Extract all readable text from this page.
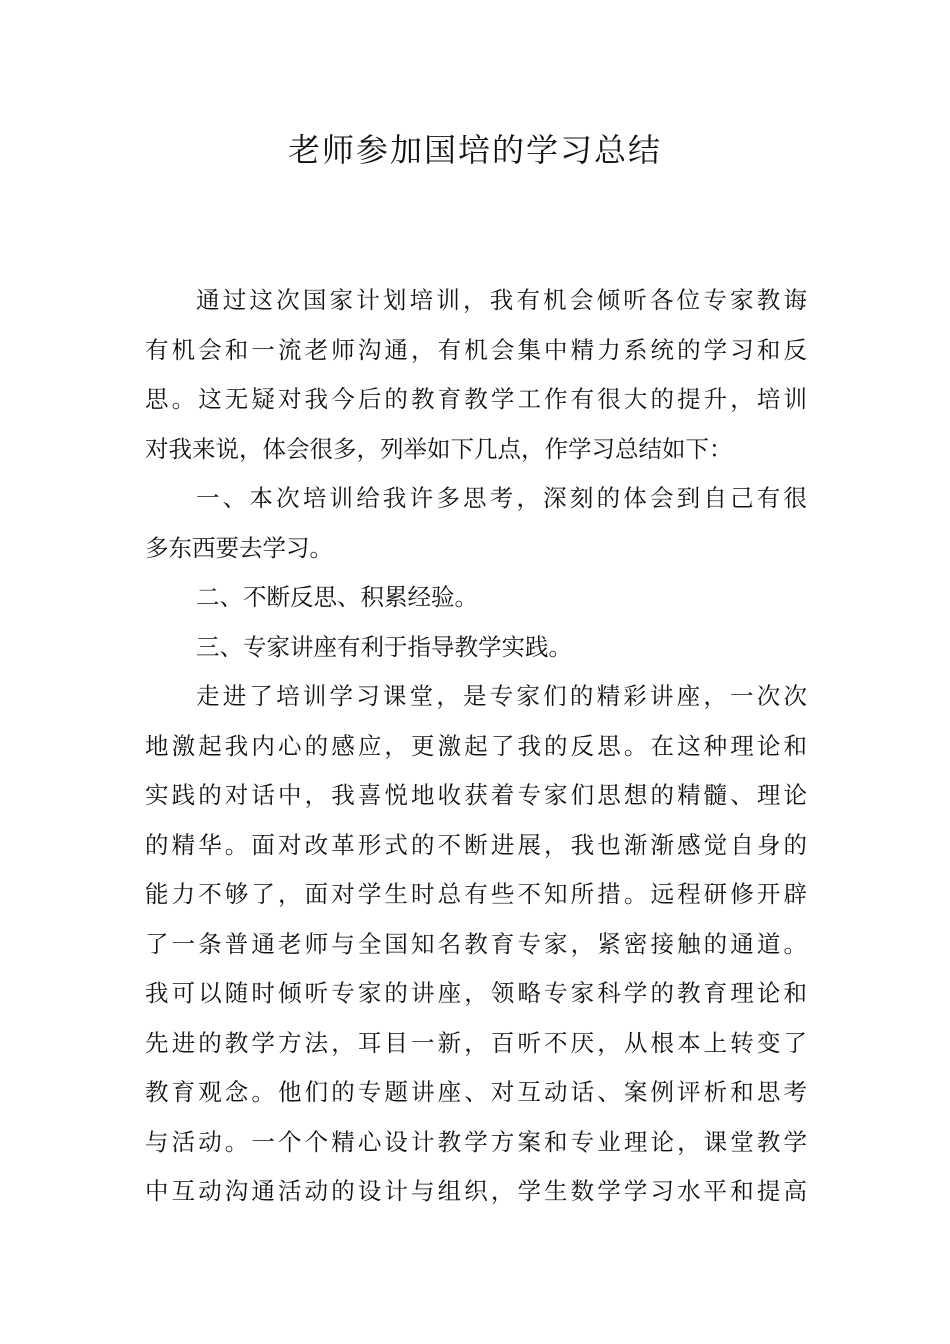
老师参加国培的学习总结
通过这次国家计划培训，我有机会倾听各位专家教诲
有机会和一流老师沟通，有机会集中精力系统的学习和反
思。这无疑对我今后的教育教学工作有很大的提升，培训
对我来说，体会很多，列举如下几点，作学习总结如下：
一、本次培训给我许多思考，深刻的体会到自己有很
多东西要去学习。
二、不断反思、积累经验。
三、专家讲座有利于指导教学实践。
走进了培训学习课堂，是专家们的精彩讲座，一次次
地激起我内心的感应，更激起了我的反思。在这种理论和
实践的对话中，我喜悦地收获着专家们思想的精髓、理论
的精华。面对改革形式的不断进展，我也渐渐感觉自身的
能力不够了，面对学生时总有些不知所措。远程研修开辟
了一条普通老师与全国知名教育专家，紧密接触的通道。
我可以随时倾听专家的讲座，领略专家科学的教育理论和
先进的教学方法，耳目一新，百听不厌，从根本上转变了
教育观念。他们的专题讲座、对互动话、案例评析和思考
与活动。一个个精心设计教学方案和专业理论，课堂教学
中互动沟通活动的设计与组织，学生数学学习水平和提高
